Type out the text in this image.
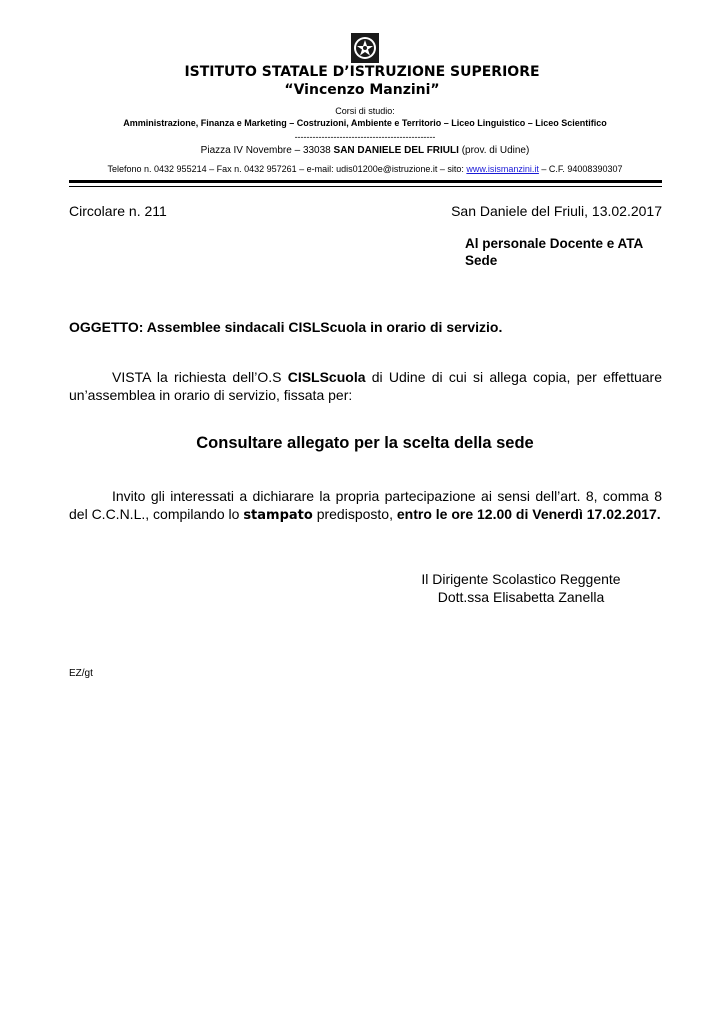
ISTITUTO STATALE D’ISTRUZIONE SUPERIORE
“Vincenzo Manzini”
Corsi di studio:
Amministrazione, Finanza e Marketing – Costruzioni, Ambiente e Territorio – Liceo Linguistico – Liceo Scientifico
-----------------------------------------------
Piazza IV Novembre – 33038 SAN DANIELE DEL FRIULI (prov. di Udine)
Telefono n. 0432 955214 – Fax n. 0432 957261 – e-mail: udis01200e@istruzione.it – sito: www.isismanzini.it – C.F. 94008390307
Circolare n. 211	San Daniele del Friuli, 13.02.2017
Al personale Docente e ATA
Sede
OGGETTO: Assemblee sindacali CISLScuola in orario di servizio.
VISTA la richiesta dell’O.S CISLScuola di Udine di cui si allega copia, per effettuare un’assemblea in orario di servizio, fissata per:
Consultare allegato per la scelta della sede
Invito gli interessati a dichiarare la propria partecipazione ai sensi dell’art. 8, comma 8 del C.C.N.L., compilando lo stampato predisposto, entro le ore 12.00 di Venerdì 17.02.2017.
Il Dirigente Scolastico Reggente
Dott.ssa Elisabetta Zanella
EZ/gt
